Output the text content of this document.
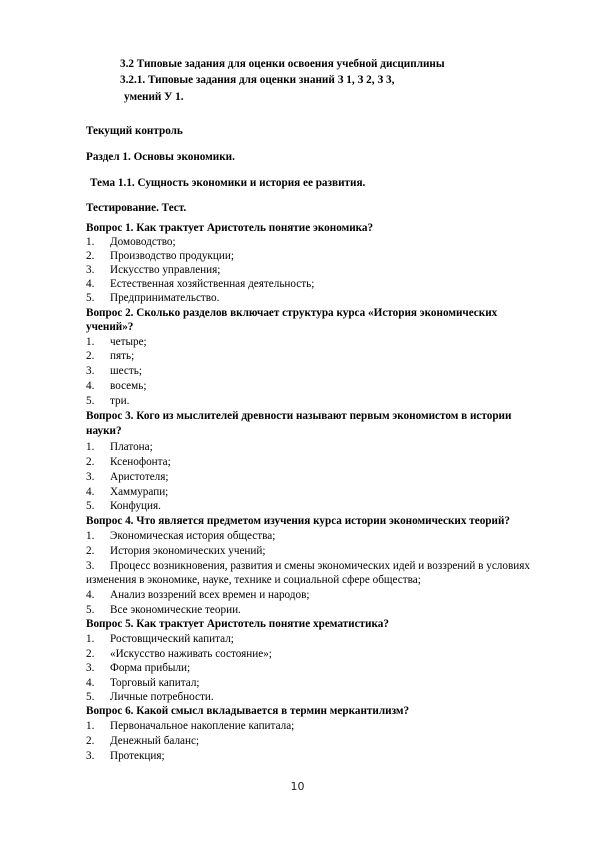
3.2 Типовые задания для оценки освоения учебной дисциплины
3.2.1. Типовые задания для оценки знаний З 1, З 2, З 3,
умений У 1.
Текущий контроль
Раздел 1. Основы экономики.
Тема 1.1. Сущность экономики и история ее развития.
Тестирование. Тест.
Вопрос 1. Как трактует Аристотель понятие экономика?
1. Домоводство;
2. Производство продукции;
3. Искусство управления;
4. Естественная хозяйственная деятельность;
5. Предпринимательство.
Вопрос 2. Сколько разделов включает структура курса «История экономических
учений»?
1. четыре;
2. пять;
3. шесть;
4. восемь;
5. три.
Вопрос 3. Кого из мыслителей древности называют первым экономистом в истории
науки?
1. Платона;
2. Ксенофонта;
3. Аристотеля;
4. Хаммурапи;
5. Конфуция.
Вопрос 4. Что является предметом изучения курса истории экономических теорий?
1. Экономическая история общества;
2. История экономических учений;
3. Процесс возникновения, развития и смены экономических идей и воззрений в условиях
изменения в экономике, науке, технике и социальной сфере общества;
4. Анализ воззрений всех времен и народов;
5. Все экономические теории.
Вопрос 5. Как трактует Аристотель понятие хрематистика?
1. Ростовщический капитал;
2. «Искусство наживать состояние»;
3. Форма прибыли;
4. Торговый капитал;
5. Личные потребности.
Вопрос 6. Какой смысл вкладывается в термин меркантилизм?
1. Первоначальное накопление капитала;
2. Денежный баланс;
3. Протекция;
10
